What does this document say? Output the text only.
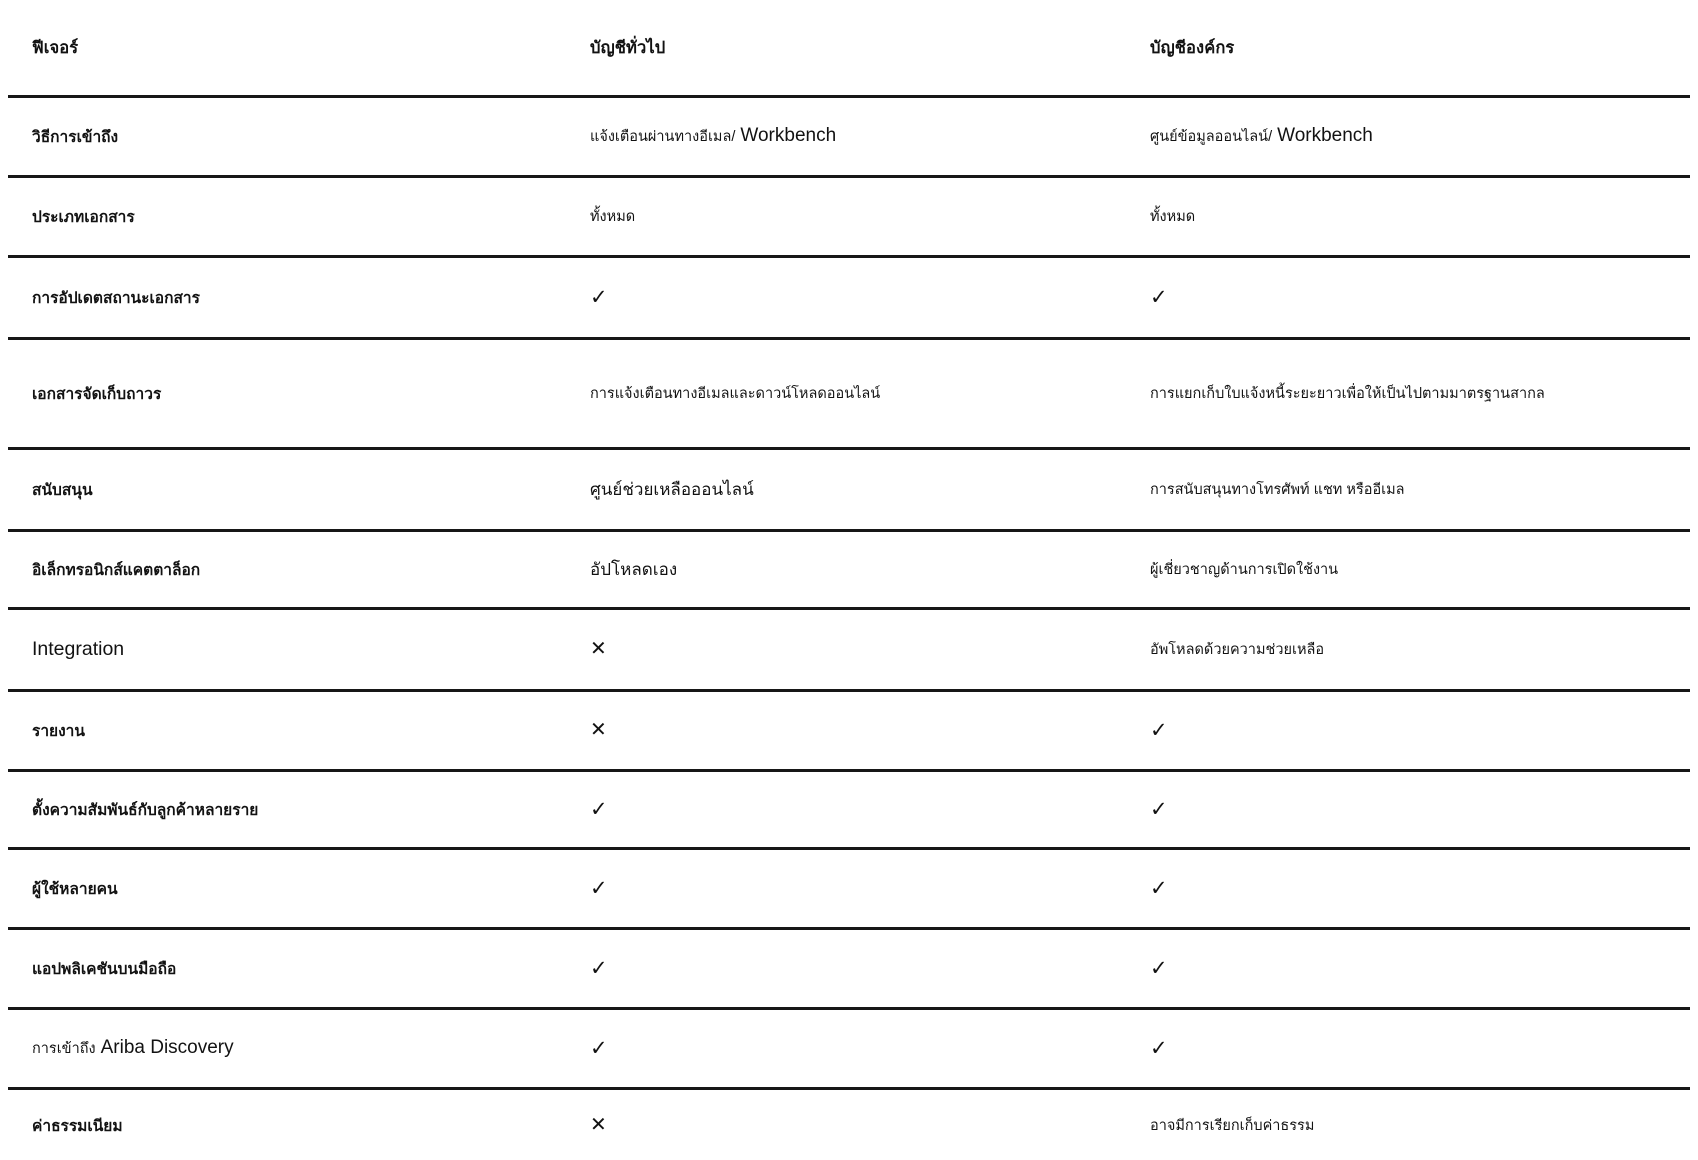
ฟีเจอร์	บัญชีทั่วไป	บัญชีองค์กร
วิธีการเข้าถึง	แจ้งเตือนผ่านทางอีเมล/ Workbench	ศูนย์ข้อมูลออนไลน์/ Workbench
ประเภทเอกสาร	ทั้งหมด	ทั้งหมด
การอัปเดตสถานะเอกสาร	✓	✓
เอกสารจัดเก็บถาวร	การแจ้งเตือนทางอีเมลและดาวน์โหลดออนไลน์	การแยกเก็บใบแจ้งหนี้ระยะยาวเพื่อให้เป็นไปตามมาตรฐานสากล
สนับสนุน	ศูนย์ช่วยเหลือออนไลน์	การสนับสนุนทางโทรศัพท์ แชท หรืออีเมล
อิเล็กทรอนิกส์แคตตาล็อก	อัปโหลดเอง	ผู้เชี่ยวชาญด้านการเปิดใช้งาน
Integration	✕	อัพโหลดด้วยความช่วยเหลือ
รายงาน	✕	✓
ตั้งความสัมพันธ์กับลูกค้าหลายราย	✓	✓
ผู้ใช้หลายคน	✓	✓
แอปพลิเคชันบนมือถือ	✓	✓
การเข้าถึง Ariba Discovery	✓	✓
ค่าธรรมเนียม	✕	อาจมีการเรียกเก็บค่าธรรม
